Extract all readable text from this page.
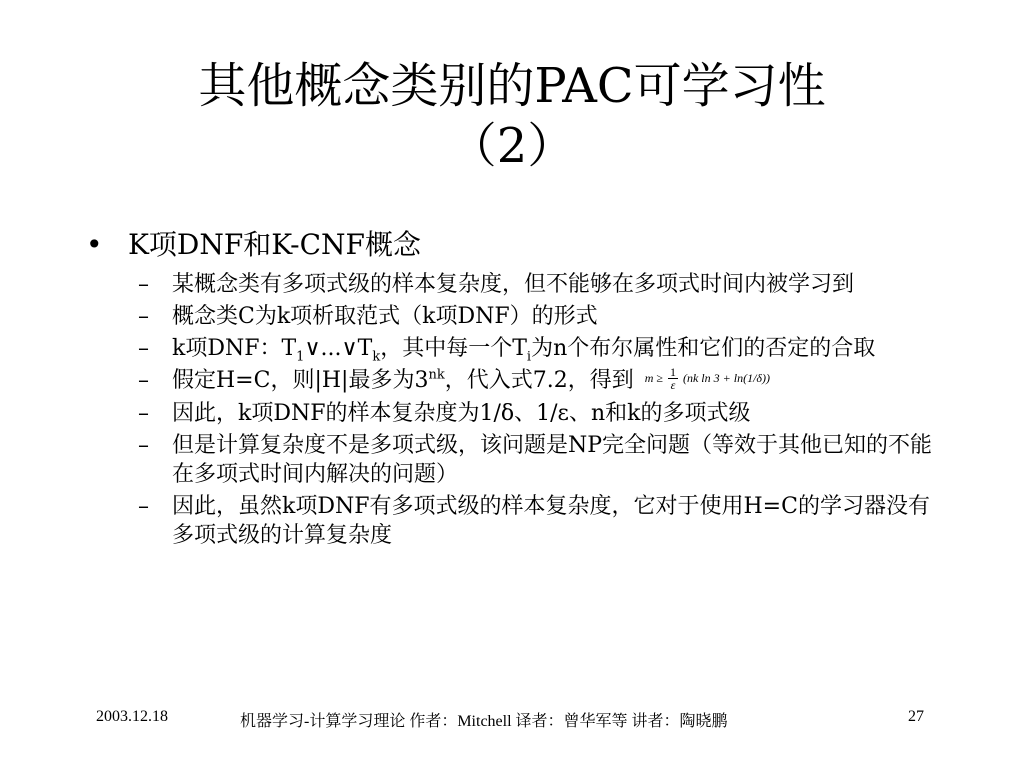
其他概念类别的PAC可学习性
（2）
• K项DNF和K-CNF概念
– 某概念类有多项式级的样本复杂度，但不能够在多项式时间内被学习到
– 概念类C为k项析取范式（k项DNF）的形式
– k项DNF：$T_1\vee...\vee T_k$，其中每一个$T_i$为n个布尔属性和它们的否定的合取
– 假定H=C，则|H|最多为$3^{nk}$，代入式7.2，得到 $m \ge \frac{1}{\varepsilon} (nk$ ln 3 + ln(1/δ))
– 因此，k项DNF的样本复杂度为1/δ、1/ε、n和k的多项式级
– 但是计算复杂度不是多项式级，该问题是NP完全问题（等效于其他已知的不能在多项式时间内解决的问题）
– 因此，虽然k项DNF有多项式级的样本复杂度，它对于使用H=C的学习器没有多项式级的计算复杂度
2003.12.18	机器学习-计算学习理论 作者：Mitchell 译者：曾华军等 讲者：陶晓鹏	27
